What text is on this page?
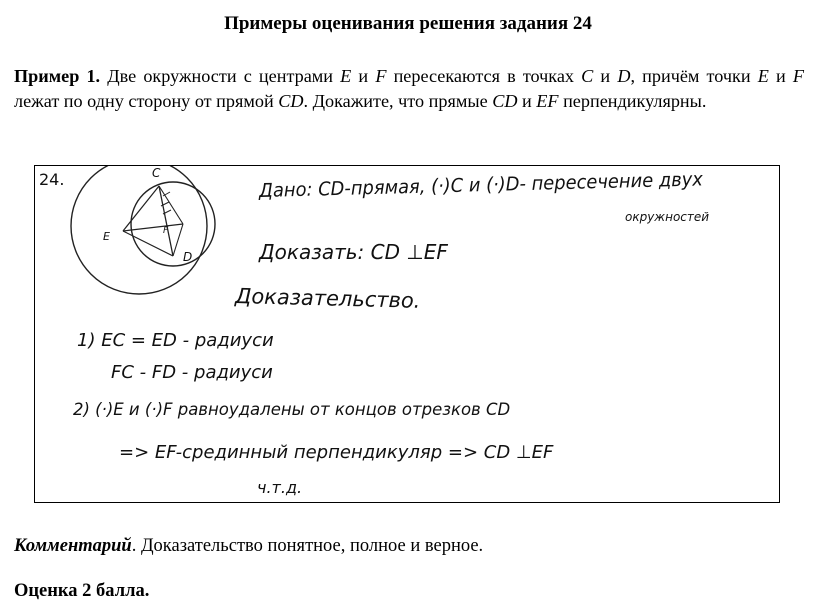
Примеры оценивания решения задания 24
Пример 1. Две окружности с центрами E и F пересекаются в точках C и D, причём точки E и F лежат по одну сторону от прямой CD. Докажите, что прямые CD и EF перпендикулярны.
24.	C
E	F
D
Дано: CD-прямая, (·)C и (·)D- пересечение двух
окружностей
Доказать: CD ⊥EF
Доказательство.
1) EC = ED - радиуси
FC - FD - радиуси
2) (·)E и (·)F равноудалены от концов отрезков CD
=> EF-срединный перпендикуляр => CD ⊥EF
ч.т.д.
Комментарий. Доказательство понятное, полное и верное.
Оценка 2 балла.
